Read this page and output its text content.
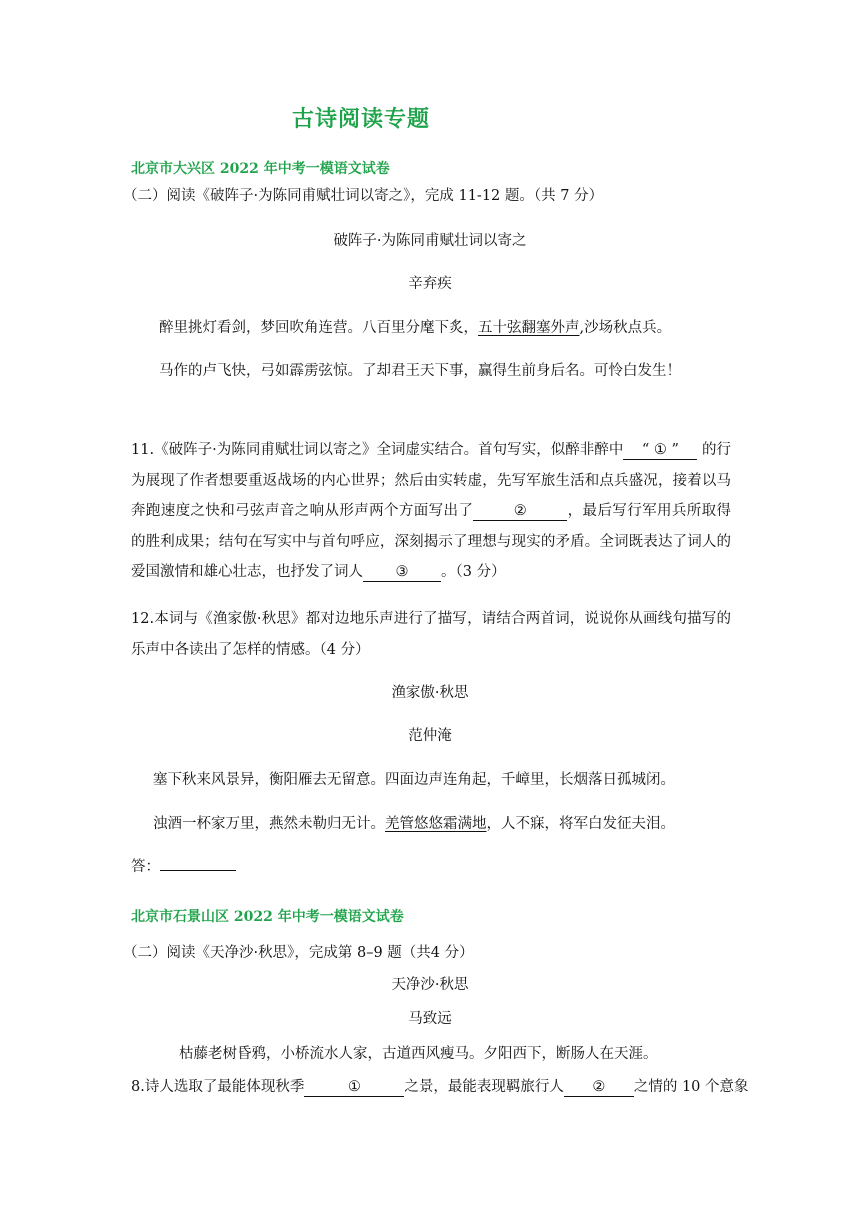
古诗阅读专题
北京市大兴区 2022 年中考一模语文试卷
（二）阅读《破阵子·为陈同甫赋壮词以寄之》，完成 11-12 题。（共 7 分）
破阵子·为陈同甫赋壮词以寄之
辛弃疾
醉里挑灯看剑，梦回吹角连营。八百里分麾下炙，五十弦翻塞外声,沙场秋点兵。
马作的卢飞快，弓如霹雳弦惊。了却君王天下事，赢得生前身后名。可怜白发生！
11.《破阵子·为陈同甫赋壮词以寄之》全词虚实结合。首句写实，似醉非醉中 “ ① ” 的行为展现了作者想要重返战场的内心世界；然后由实转虚，先写军旅生活和点兵盛况，接着以马奔跑速度之快和弓弦声音之响从形声两个方面写出了	②	，最后写行军用兵所取得的胜利成果；结句在写实中与首句呼应，深刻揭示了理想与现实的矛盾。全词既表达了词人的爱国激情和雄心壮志，也抒发了词人 ③ 。（3 分）
12.本词与《渔家傲·秋思》都对边地乐声进行了描写，请结合两首词，说说你从画线句描写的乐声中各读出了怎样的情感。（4 分）
渔家傲·秋思
范仲淹
塞下秋来风景异，衡阳雁去无留意。四面边声连角起，千嶂里，长烟落日孤城闭。
浊酒一杯家万里，燕然未勒归无计。羌管悠悠霜满地，人不寐，将军白发征夫泪。
答：
北京市石景山区 2022 年中考一模语文试卷
（二）阅读《天净沙·秋思》，完成第 8–9 题（共4 分）
天净沙·秋思
马致远
枯藤老树昏鸦，小桥流水人家，古道西风瘦马。夕阳西下，断肠人在天涯。
8.诗人选取了最能体现秋季	①	之景，最能表现羁旅行人 ② 之情的 10 个意象
